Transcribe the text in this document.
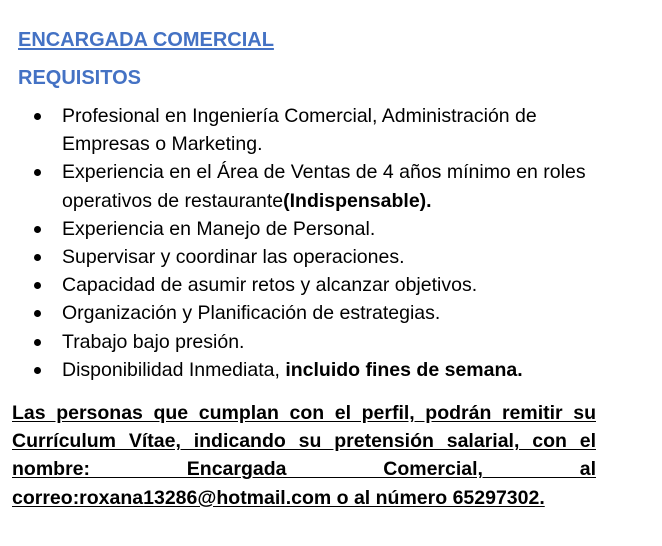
ENCARGADA COMERCIAL
REQUISITOS
Profesional en Ingeniería Comercial, Administración de Empresas o Marketing.
Experiencia en el Área de Ventas de 4 años mínimo en roles operativos de restaurante(Indispensable).
Experiencia en Manejo de Personal.
Supervisar y coordinar las operaciones.
Capacidad de asumir retos y alcanzar objetivos.
Organización y Planificación de estrategias.
Trabajo bajo presión.
Disponibilidad Inmediata, incluido fines de semana.

Las personas que cumplan con el perfil, podrán remitir su Currículum Vítae, indicando su pretensión salarial, con el nombre: Encargada Comercial, al correo:roxana13286@hotmail.com o al número 65297302.
